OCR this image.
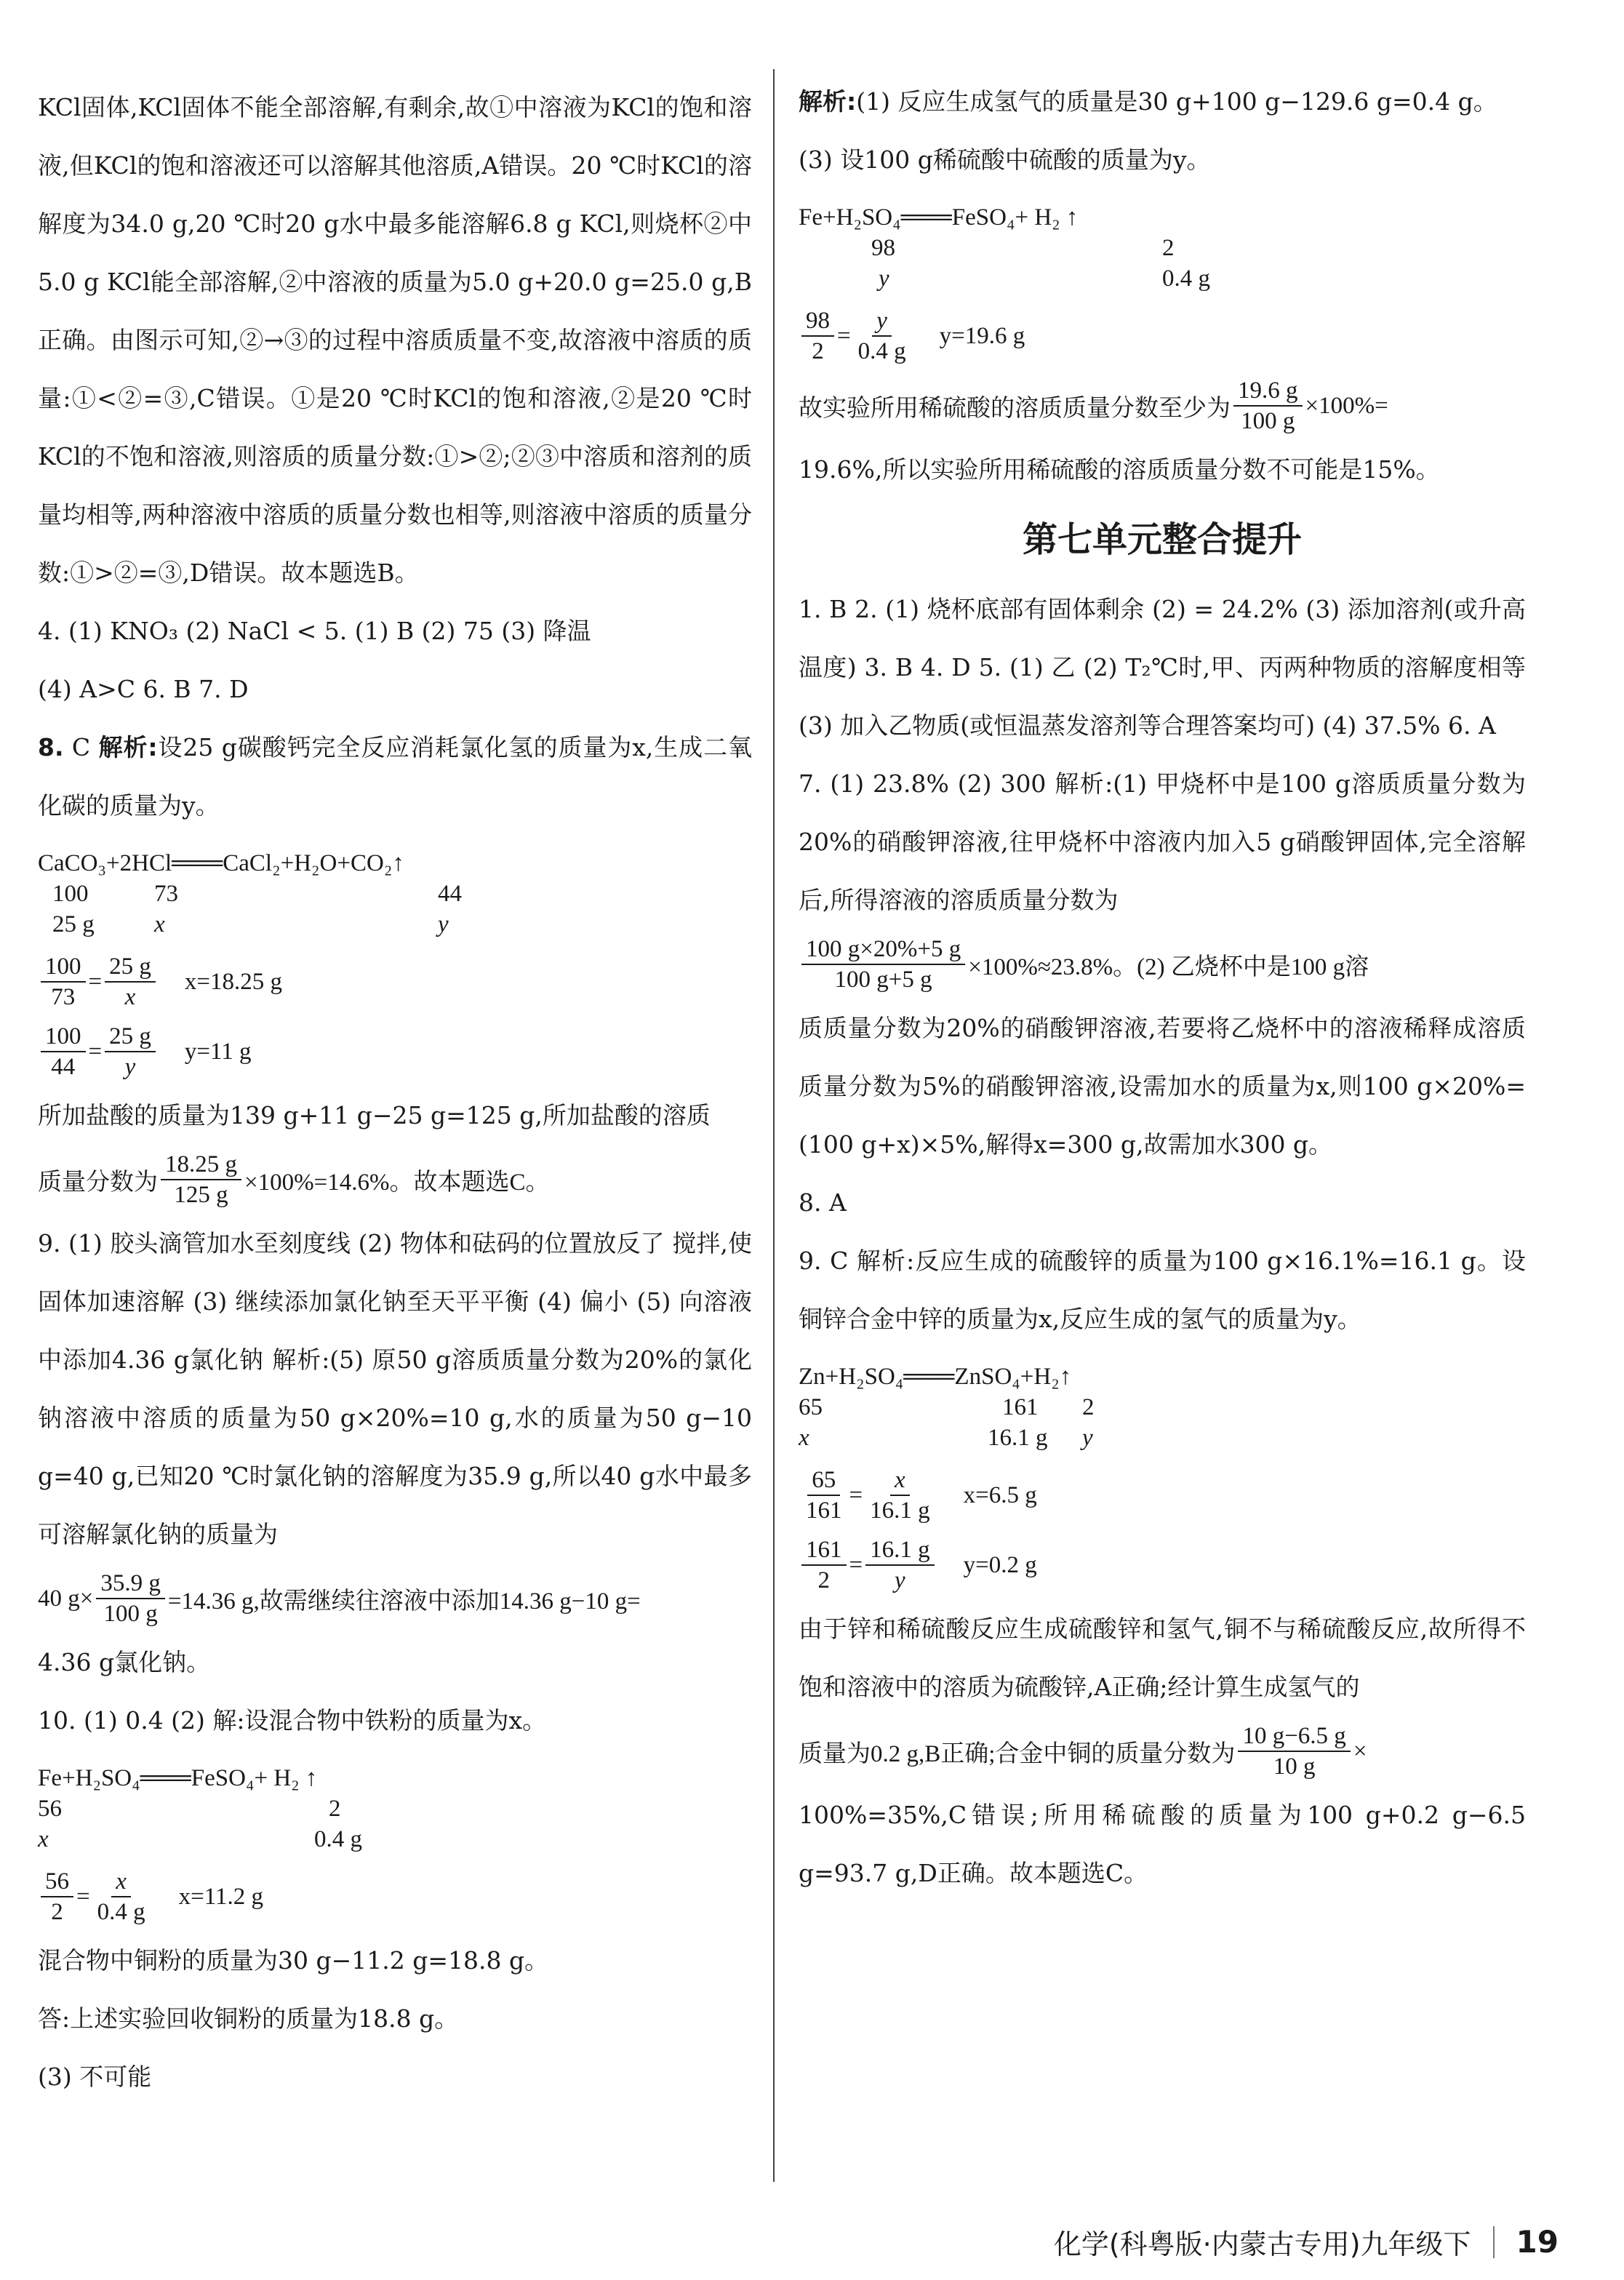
KCl固体,KCl固体不能全部溶解,有剩余,故①中溶液为KCl的饱和溶液,但KCl的饱和溶液还可以溶解其他溶质,A错误。20 ℃时KCl的溶解度为34.0 g,20 ℃时20 g水中最多能溶解6.8 g KCl,则烧杯②中5.0 g KCl能全部溶解,②中溶液的质量为5.0 g+20.0 g=25.0 g,B正确。由图示可知,②→③的过程中溶质质量不变,故溶液中溶质的质量:①<②=③,C错误。①是20 ℃时KCl的饱和溶液,②是20 ℃时KCl的不饱和溶液,则溶质的质量分数:①>②;②③中溶质和溶剂的质量均相等,两种溶液中溶质的质量分数也相等,则溶液中溶质的质量分数:①>②=③,D错误。故本题选B。
4. (1) KNO₃ (2) NaCl < 5. (1) B (2) 75 (3) 降温
(4) A>C 6. B 7. D
8. C 解析:设25 g碳酸钙完全反应消耗氯化氢的质量为x,生成二氧化碳的质量为y。
CaCO₃+2HCl═══CaCl₂+H₂O+CO₂↑
100	73	44
25 g	x	y
$\frac{100}{73} = \frac{25 g}{x} x=18.25$ g
$\frac{100}{44} = \frac{25 g}{y} y=11$ g
所加盐酸的质量为139 g+11 g−25 g=125 g,所加盐酸的溶质
质量分数为 $\frac{18.25 g}{125 g} \times 100\%=14.6\%$。故本题选C。
9. (1) 胶头滴管加水至刻度线 (2) 物体和砝码的位置放反了 搅拌,使固体加速溶解 (3) 继续添加氯化钠至天平平衡 (4) 偏小 (5) 向溶液中添加4.36 g氯化钠 解析:(5) 原50 g溶质质量分数为20%的氯化钠溶液中溶质的质量为50 g×20%=10 g,水的质量为50 g−10 g=40 g,已知20 ℃时氯化钠的溶解度为35.9 g,所以40 g水中最多可溶解氯化钠的质量为
40 $g\times \frac{35.9 g}{100 g} =14.36$ g,故需继续往溶液中添加14.36 g−10 g=
4.36 g氯化钠。
10. (1) 0.4 (2) 解:设混合物中铁粉的质量为x。
Fe+H₂SO₄═══FeSO₄+ H₂ ↑
56	2
x	0.4 g
$\frac{56}{2} = \frac{x}{0.4 g} x=11.2$ g
混合物中铜粉的质量为30 g−11.2 g=18.8 g。
答:上述实验回收铜粉的质量为18.8 g。
(3) 不可能
解析:(1) 反应生成氢气的质量是30 g+100 g−129.6 g=0.4 g。
(3) 设100 g稀硫酸中硫酸的质量为y。
Fe+H₂SO₄═══FeSO₄+ H₂ ↑
98	2
y	0.4 g
$\frac{98}{2} = \frac{y}{0.4 g} y=19.6$ g
故实验所用稀硫酸的溶质质量分数至少为 $\frac{19.6 g}{100 g} \times 100\%=$
19.6%,所以实验所用稀硫酸的溶质质量分数不可能是15%。
第七单元整合提升
1. B 2. (1) 烧杯底部有固体剩余 (2) = 24.2% (3) 添加溶剂(或升高温度) 3. B 4. D 5. (1) 乙 (2) T₂℃时,甲、丙两种物质的溶解度相等 (3) 加入乙物质(或恒温蒸发溶剂等合理答案均可) (4) 37.5% 6. A
7. (1) 23.8% (2) 300 解析:(1) 甲烧杯中是100 g溶质质量分数为20%的硝酸钾溶液,往甲烧杯中溶液内加入5 g硝酸钾固体,完全溶解后,所得溶液的溶质质量分数为
$\frac{100 g\times 20\%+5 g}{100 g+5 g} \times 100\%\approx 23.8\%$。(2) 乙烧杯中是100 g溶
质质量分数为20%的硝酸钾溶液,若要将乙烧杯中的溶液稀释成溶质质量分数为5%的硝酸钾溶液,设需加水的质量为x,则100 g×20%=(100 g+x)×5%,解得x=300 g,故需加水300 g。
8. A
9. C 解析:反应生成的硫酸锌的质量为100 g×16.1%=16.1 g。设铜锌合金中锌的质量为x,反应生成的氢气的质量为y。
Zn+H₂SO₄═══ZnSO₄+H₂↑
65	161	2
x	16.1 g	y
$\frac{65}{161} = \frac{x}{16.1 g} x=6.5$ g
$\frac{161}{2} = \frac{16.1 g}{y} y=0.2$ g
由于锌和稀硫酸反应生成硫酸锌和氢气,铜不与稀硫酸反应,故所得不饱和溶液中的溶质为硫酸锌,A正确;经计算生成氢气的
质量为0.2 g,B正确;合金中铜的质量分数为 $\frac{10 g-6.5 g}{10 g}$ ×
100%=35%,C错误;所用稀硫酸的质量为100 g+0.2 g−6.5 g=93.7 g,D正确。故本题选C。
化学(科粤版·内蒙古专用)九年级下 19
